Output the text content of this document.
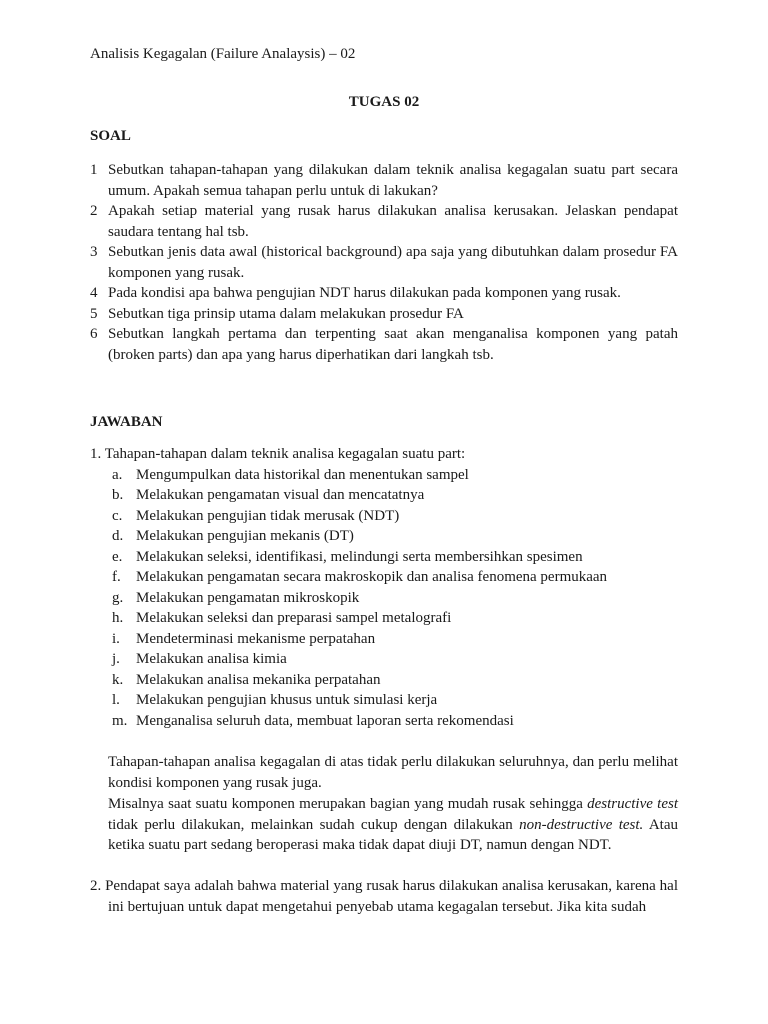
Analisis Kegagalan (Failure Analaysis) – 02
TUGAS 02
SOAL
1 Sebutkan tahapan-tahapan yang dilakukan dalam teknik analisa kegagalan suatu part secara umum. Apakah semua tahapan perlu untuk di lakukan?
2 Apakah setiap material yang rusak harus dilakukan analisa kerusakan. Jelaskan pendapat saudara tentang hal tsb.
3 Sebutkan jenis data awal (historical background) apa saja yang dibutuhkan dalam prosedur FA komponen yang rusak.
4 Pada kondisi apa bahwa pengujian NDT harus dilakukan pada komponen yang rusak.
5 Sebutkan tiga prinsip utama dalam melakukan prosedur FA
6 Sebutkan langkah pertama dan terpenting saat akan menganalisa komponen yang patah (broken parts) dan apa yang harus diperhatikan dari langkah tsb.
JAWABAN
1. Tahapan-tahapan dalam teknik analisa kegagalan suatu part:
a. Mengumpulkan data historikal dan menentukan sampel
b. Melakukan pengamatan visual dan mencatatnya
c. Melakukan pengujian tidak merusak (NDT)
d. Melakukan pengujian mekanis (DT)
e. Melakukan seleksi, identifikasi, melindungi serta membersihkan spesimen
f. Melakukan pengamatan secara makroskopik dan analisa fenomena permukaan
g. Melakukan pengamatan mikroskopik
h. Melakukan seleksi dan preparasi sampel metalografi
i. Mendeterminasi mekanisme perpatahan
j. Melakukan analisa kimia
k. Melakukan analisa mekanika perpatahan
l. Melakukan pengujian khusus untuk simulasi kerja
m. Menganalisa seluruh data, membuat laporan serta rekomendasi
Tahapan-tahapan analisa kegagalan di atas tidak perlu dilakukan seluruhnya, dan perlu melihat kondisi komponen yang rusak juga.
Misalnya saat suatu komponen merupakan bagian yang mudah rusak sehingga destructive test tidak perlu dilakukan, melainkan sudah cukup dengan dilakukan non-destructive test. Atau ketika suatu part sedang beroperasi maka tidak dapat diuji DT, namun dengan NDT.
2. Pendapat saya adalah bahwa material yang rusak harus dilakukan analisa kerusakan, karena hal ini bertujuan untuk dapat mengetahui penyebab utama kegagalan tersebut. Jika kita sudah
